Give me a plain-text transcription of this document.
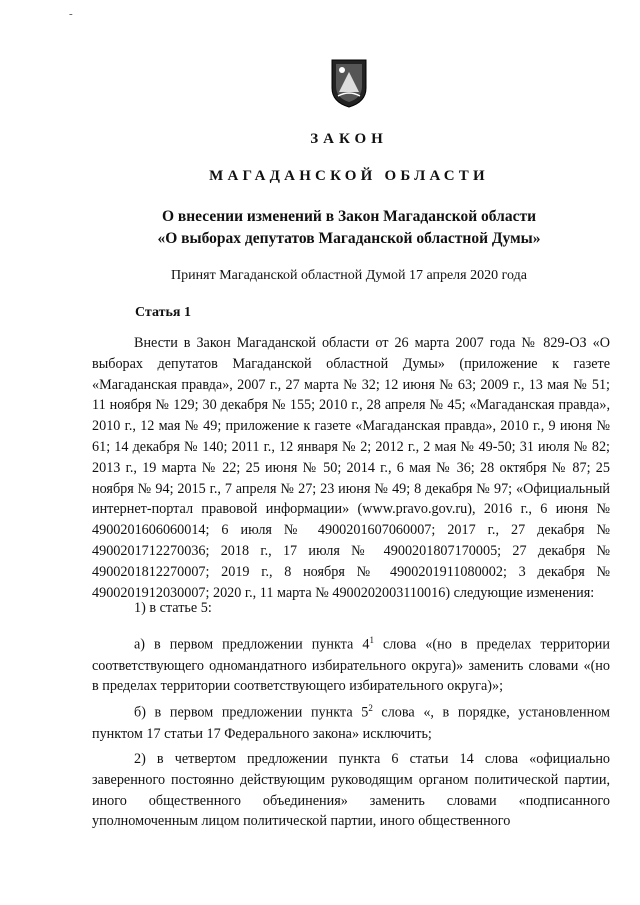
-
ЗАКОН
МАГАДАНСКОЙ ОБЛАСТИ
О внесении изменений в Закон Магаданской области
«О выборах депутатов Магаданской областной Думы»
Принят Магаданской областной Думой 17 апреля 2020 года
Статья 1

Внести в Закон Магаданской области от 26 марта 2007 года № 829-ОЗ «О выборах депутатов Магаданской областной Думы» (приложение к газете «Магаданская правда», 2007 г., 27 марта № 32; 12 июня № 63; 2009 г., 13 мая № 51; 11 ноября № 129; 30 декабря № 155; 2010 г., 28 апреля № 45; «Магаданская правда», 2010 г., 12 мая № 49; приложение к газете «Магаданская правда», 2010 г., 9 июня № 61; 14 декабря № 140; 2011 г., 12 января № 2; 2012 г., 2 мая № 49-50; 31 июля № 82; 2013 г., 19 марта № 22; 25 июня № 50; 2014 г., 6 мая № 36; 28 октября № 87; 25 ноября № 94; 2015 г., 7 апреля № 27; 23 июня № 49; 8 декабря № 97; «Официальный интернет-портал правовой информации» (www.pravo.gov.ru), 2016 г., 6 июня № 4900201606060014; 6 июля № 4900201607060007; 2017 г., 27 декабря № 4900201712270036; 2018 г., 17 июля № 4900201807170005; 27 декабря № 4900201812270007; 2019 г., 8 ноября № 4900201911080002; 3 декабря № 4900201912030007; 2020 г., 11 марта № 4900202003110016) следующие изменения:

1) в статье 5:

а) в первом предложении пункта $4^1$ слова «(но в пределах территории соответствующего одномандатного избирательного округа)» заменить словами «(но в пределах территории соответствующего избирательного округа)»;

б) в первом предложении пункта $5^2$ слова «, в порядке, установленном пунктом 17 статьи 17 Федерального закона» исключить;

2) в четвертом предложении пункта 6 статьи 14 слова «официально заверенного постоянно действующим руководящим органом политической партии, иного общественного объединения» заменить словами «подписанного уполномоченным лицом политической партии, иного общественного
